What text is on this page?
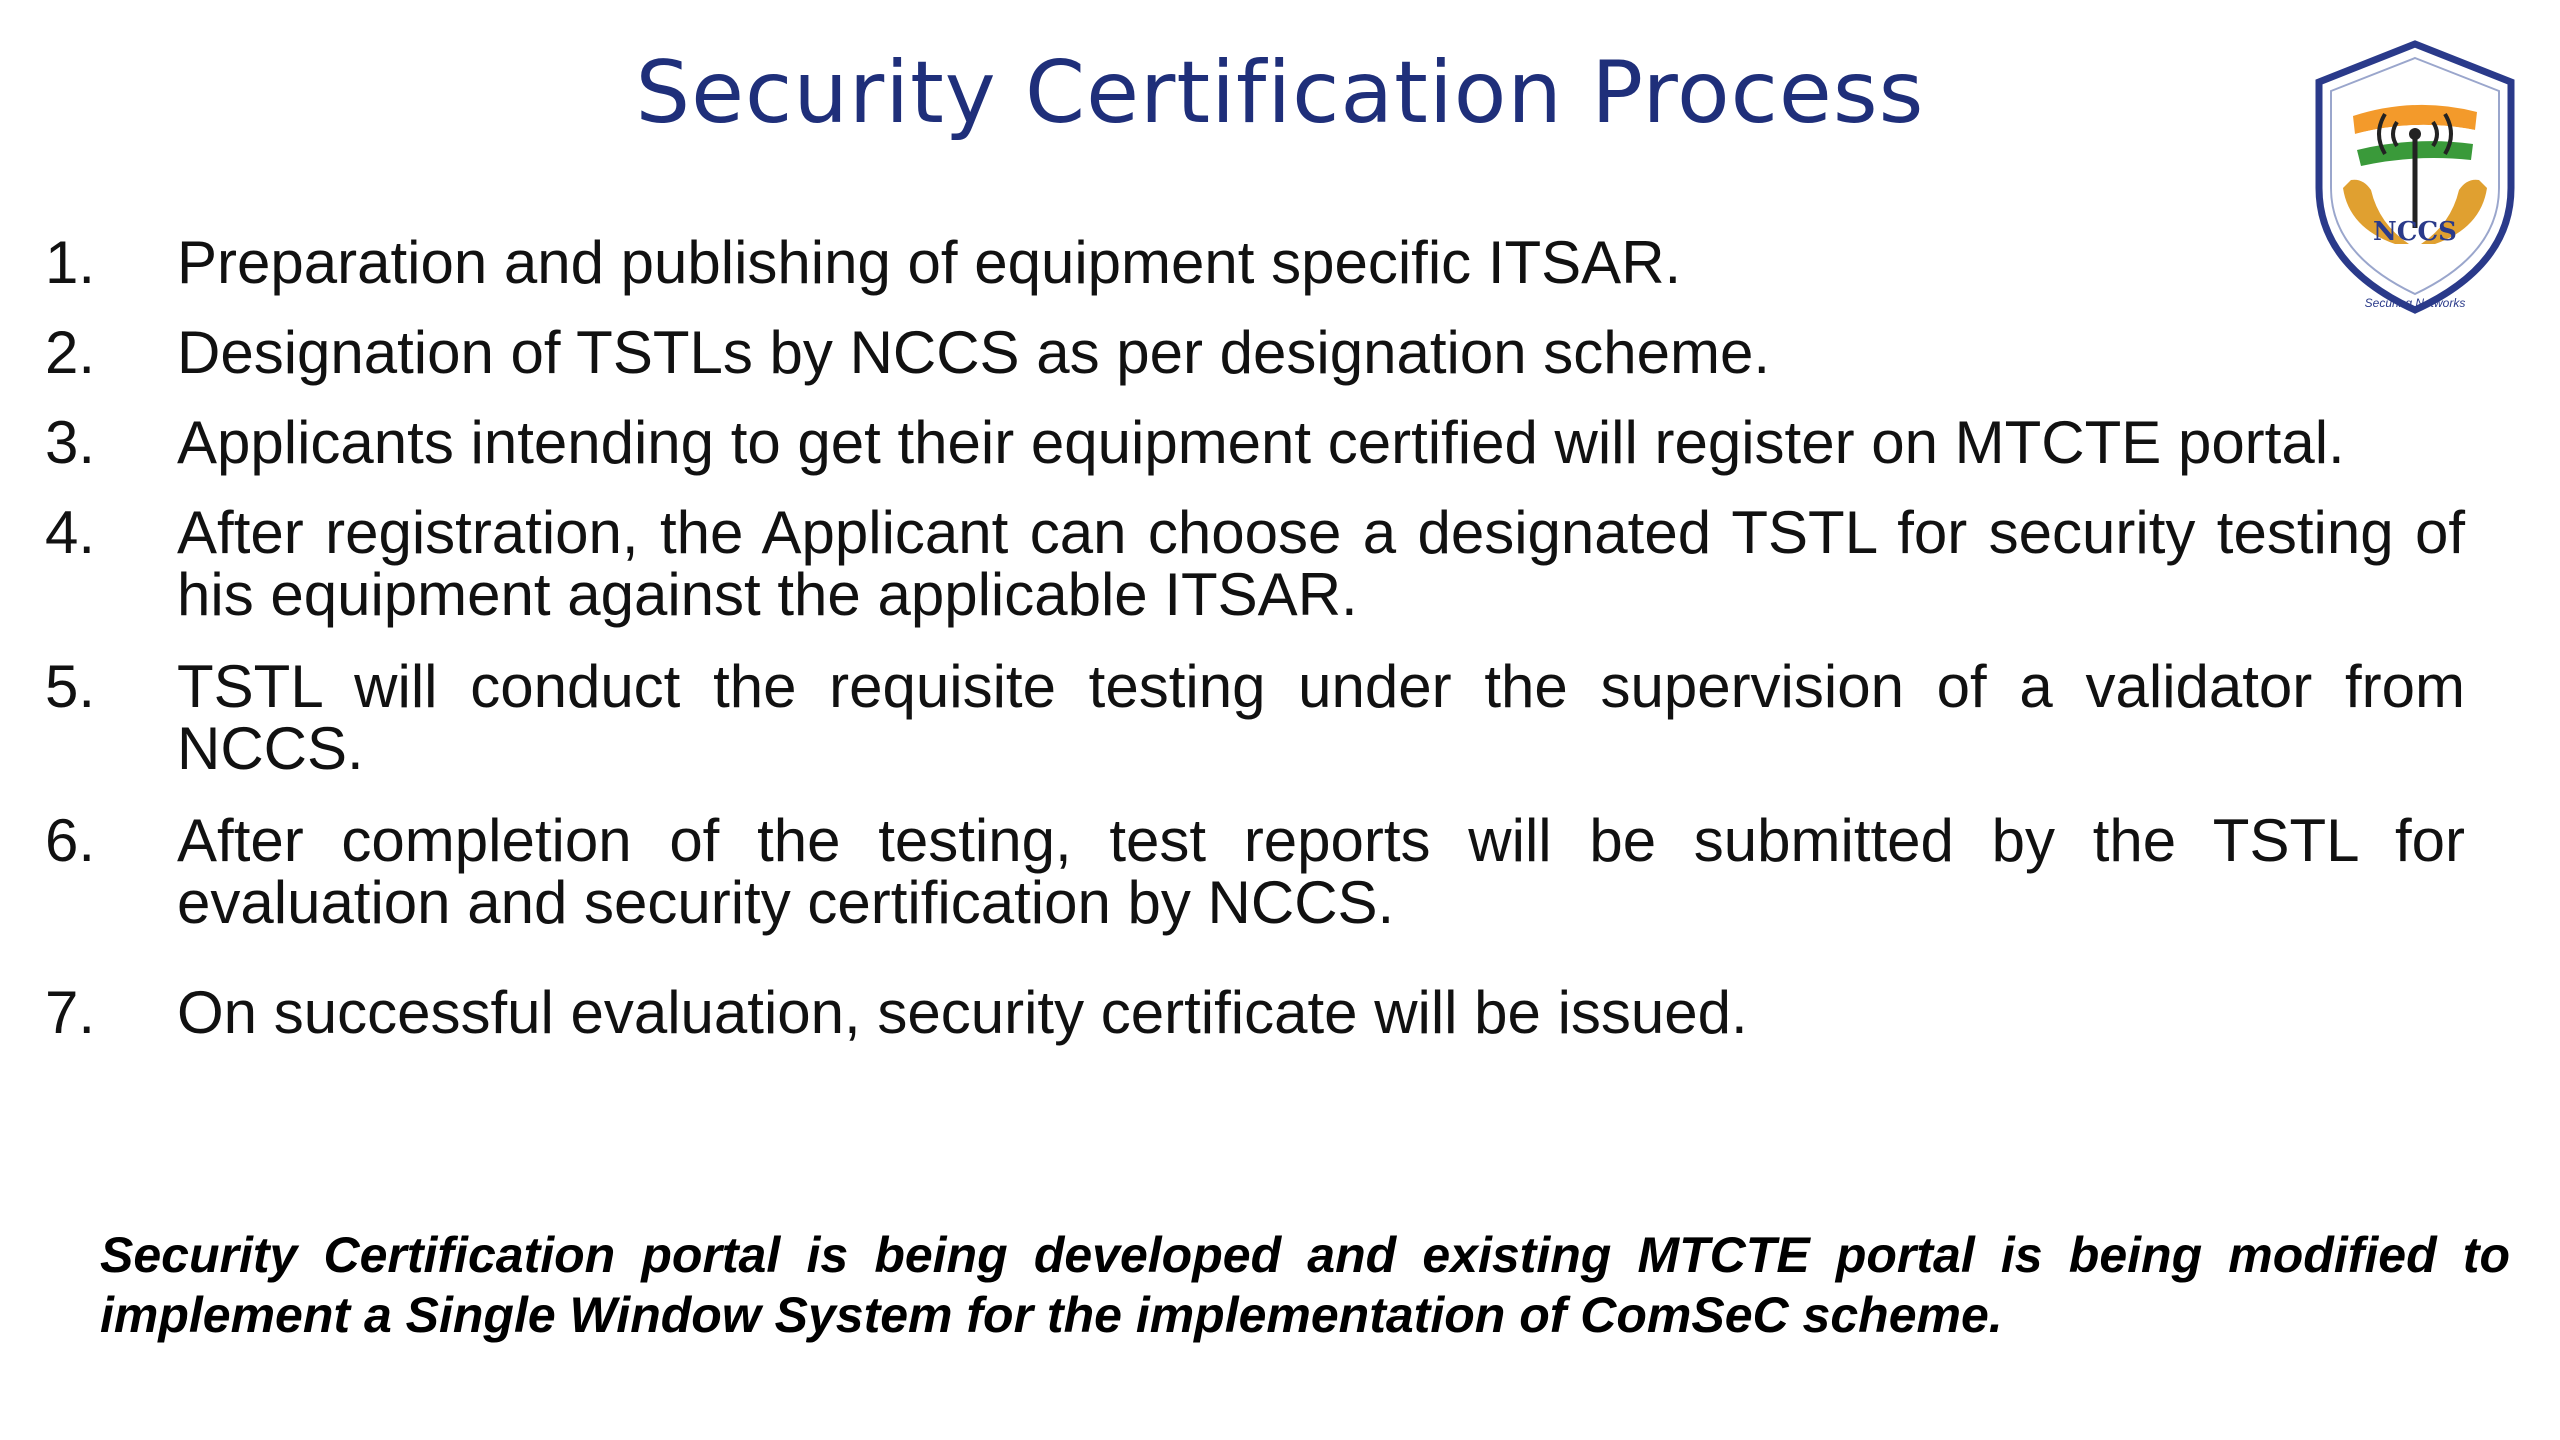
Security Certification Process
NCCS
Securing Networks
1.	Preparation and publishing of equipment specific ITSAR.
2.	Designation of TSTLs by NCCS as per designation scheme.
3.	Applicants intending to get their equipment certified will register on MTCTE portal.
4.	After registration, the Applicant can choose a designated TSTL for security testing of his equipment against the applicable ITSAR.
5.	TSTL will conduct the requisite testing under the supervision of a validator from NCCS.
6.	After completion of the testing, test reports will be submitted by the TSTL for evaluation and security certification by NCCS.
7.	On successful evaluation, security certificate will be issued.
Security Certification portal is being developed and existing MTCTE portal is being modified to implement a Single Window System for the implementation of ComSeC scheme.
